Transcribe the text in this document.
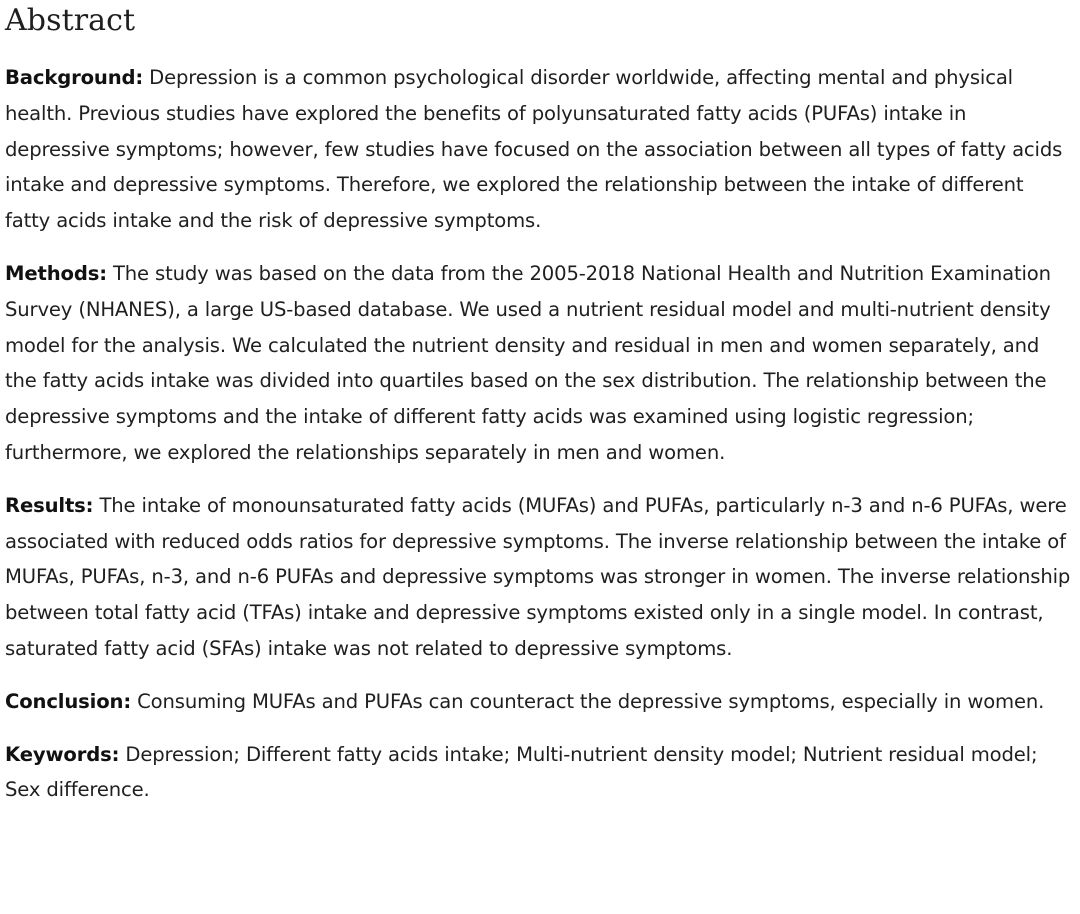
Abstract

Background: Depression is a common psychological disorder worldwide, affecting mental and physical health. Previous studies have explored the benefits of polyunsaturated fatty acids (PUFAs) intake in depressive symptoms; however, few studies have focused on the association between all types of fatty acids intake and depressive symptoms. Therefore, we explored the relationship between the intake of different fatty acids intake and the risk of depressive symptoms.

Methods: The study was based on the data from the 2005-2018 National Health and Nutrition Examination Survey (NHANES), a large US-based database. We used a nutrient residual model and multi-nutrient density model for the analysis. We calculated the nutrient density and residual in men and women separately, and the fatty acids intake was divided into quartiles based on the sex distribution. The relationship between the depressive symptoms and the intake of different fatty acids was examined using logistic regression; furthermore, we explored the relationships separately in men and women.

Results: The intake of monounsaturated fatty acids (MUFAs) and PUFAs, particularly n-3 and n-6 PUFAs, were associated with reduced odds ratios for depressive symptoms. The inverse relationship between the intake of MUFAs, PUFAs, n-3, and n-6 PUFAs and depressive symptoms was stronger in women. The inverse relationship between total fatty acid (TFAs) intake and depressive symptoms existed only in a single model. In contrast, saturated fatty acid (SFAs) intake was not related to depressive symptoms.

Conclusion: Consuming MUFAs and PUFAs can counteract the depressive symptoms, especially in women.

Keywords: Depression; Different fatty acids intake; Multi-nutrient density model; Nutrient residual model; Sex difference.
